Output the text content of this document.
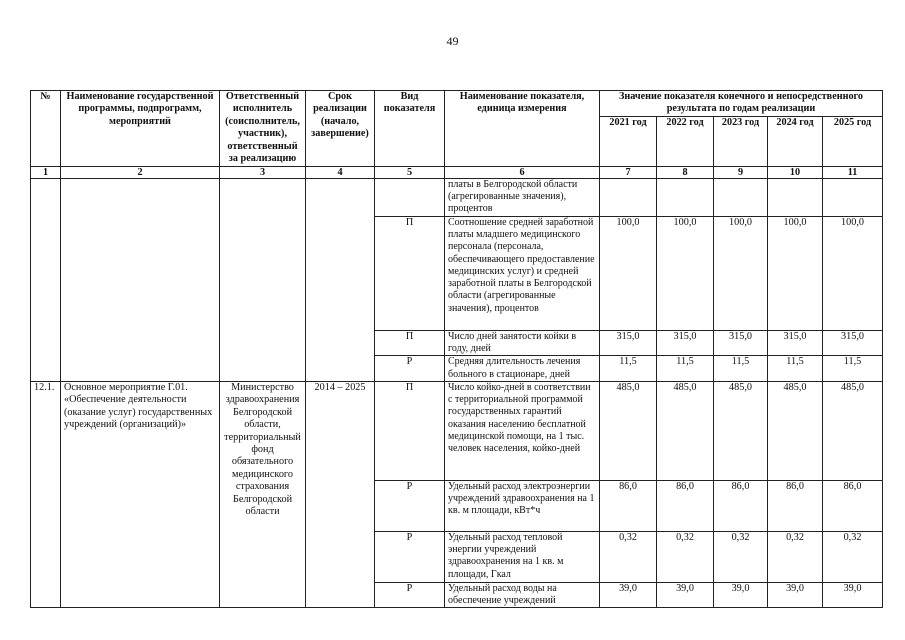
49
№	Наименование государственной программы, подпрограмм, мероприятий	Ответственный исполнитель (соисполнитель, участник), ответственный за реализацию	Срок реализации (начало, завершение)	Вид показателя	Наименование показателя, единица измерения	Значение показателя конечного и непосредственного результата по годам реализации				
						2021 год	2022 год	2023 год	2024 год	2025 год
1	2	3	4	5	6	7	8	9	10	11
					платы в Белгородской области (агрегированные значения), процентов					
				П	Соотношение средней заработной платы младшего медицинского персонала (персонала, обеспечивающего предоставление медицинских услуг) и средней заработной платы в Белгородской области (агрегированные значения), процентов	100,0	100,0	100,0	100,0	100,0
				П	Число дней занятости койки в году, дней	315,0	315,0	315,0	315,0	315,0
				Р	Средняя длительность лечения больного в стационаре, дней	11,5	11,5	11,5	11,5	11,5
12.1.	Основное мероприятие Г.01. «Обеспечение деятельности (оказание услуг) государственных учреждений (организаций)»	Министерство здравоохранения Белгородской области, территориальный фонд обязательного медицинского страхования Белгородской области	2014 – 2025	П	Число койко-дней в соответствии с территориальной программой государственных гарантий оказания населению бесплатной медицинской помощи, на 1 тыс. человек населения, койко-дней	485,0	485,0	485,0	485,0	485,0
				Р	Удельный расход электроэнергии учреждений здравоохранения на 1 кв. м площади, кВт*ч	86,0	86,0	86,0	86,0	86,0
				Р	Удельный расход тепловой энергии учреждений здравоохранения на 1 кв. м площади, Гкал	0,32	0,32	0,32	0,32	0,32
				Р	Удельный расход воды на обеспечение учреждений	39,0	39,0	39,0	39,0	39,0
